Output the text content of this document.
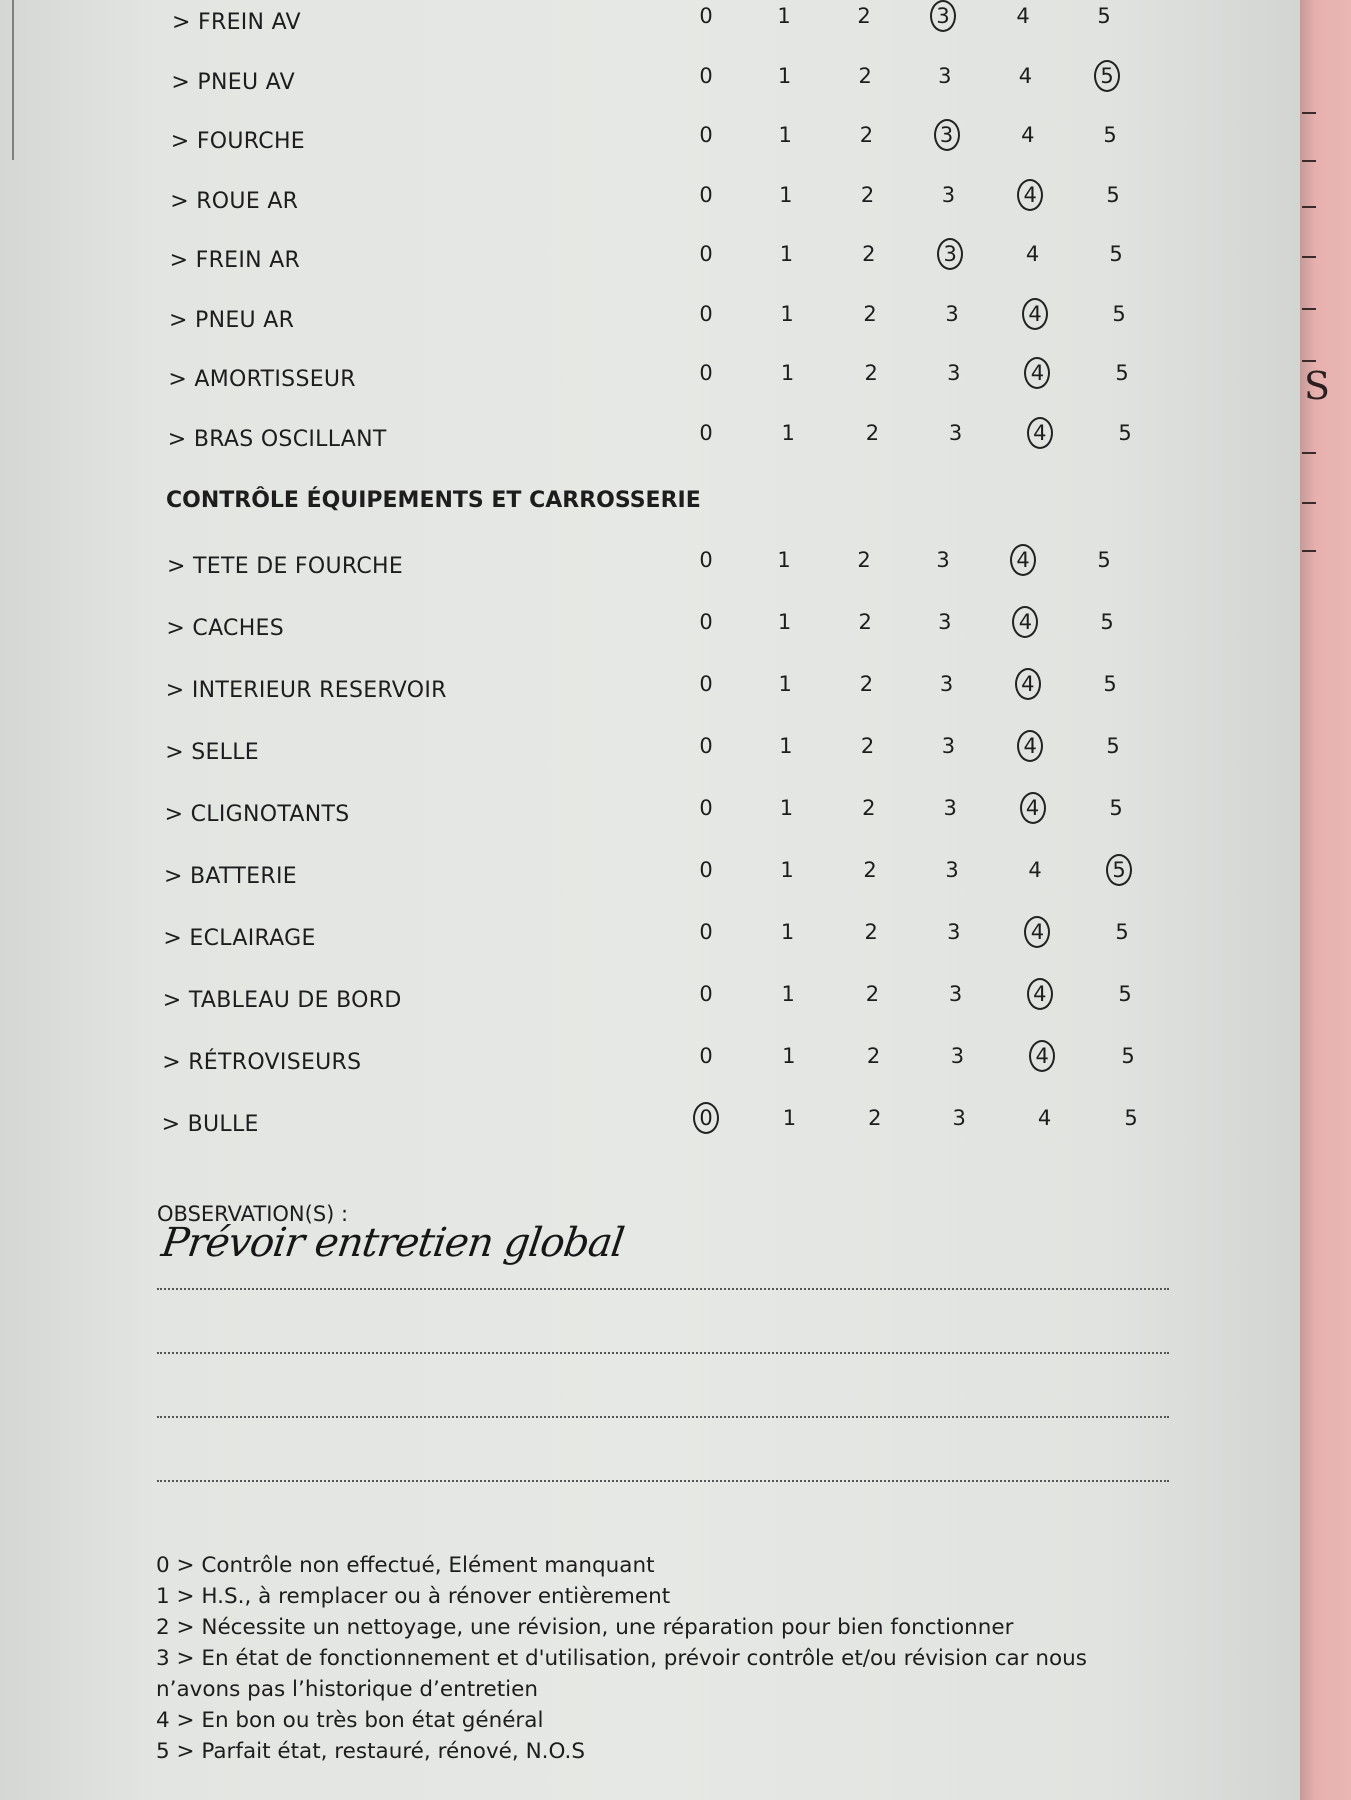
> FREIN AV	0	1	2	3	4	5
> PNEU AV	0	1	2	3	4	5
> FOURCHE	0	1	2	3	4	5
> ROUE AR	0	1	2	3	4	5
> FREIN AR	0	1	2	3	4	5
> PNEU AR	0	1	2	3	4	5
> AMORTISSEUR	0	1	2	3	4	5
> BRAS OSCILLANT	0	1	2	3	4	5
CONTRÔLE ÉQUIPEMENTS ET CARROSSERIE
> TETE DE FOURCHE	0	1	2	3	4	5
> CACHES	0	1	2	3	4	5
> INTERIEUR RESERVOIR	0	1	2	3	4	5
> SELLE	0	1	2	3	4	5
> CLIGNOTANTS	0	1	2	3	4	5
> BATTERIE	0	1	2	3	4	5
> ECLAIRAGE	0	1	2	3	4	5
> TABLEAU DE BORD	0	1	2	3	4	5
> RÉTROVISEURS	0	1	2	3	4	5
> BULLE	0	1	2	3	4	5
OBSERVATION(S) :
Prévoir entretien global
0 > Contrôle non effectué, Elément manquant
1 > H.S., à remplacer ou à rénover entièrement
2 > Nécessite un nettoyage, une révision, une réparation pour bien fonctionner
3 > En état de fonctionnement et d'utilisation, prévoir contrôle et/ou révision car nous n’avons pas l’historique d’entretien
4 > En bon ou très bon état général
5 > Parfait état, restauré, rénové, N.O.S
S
